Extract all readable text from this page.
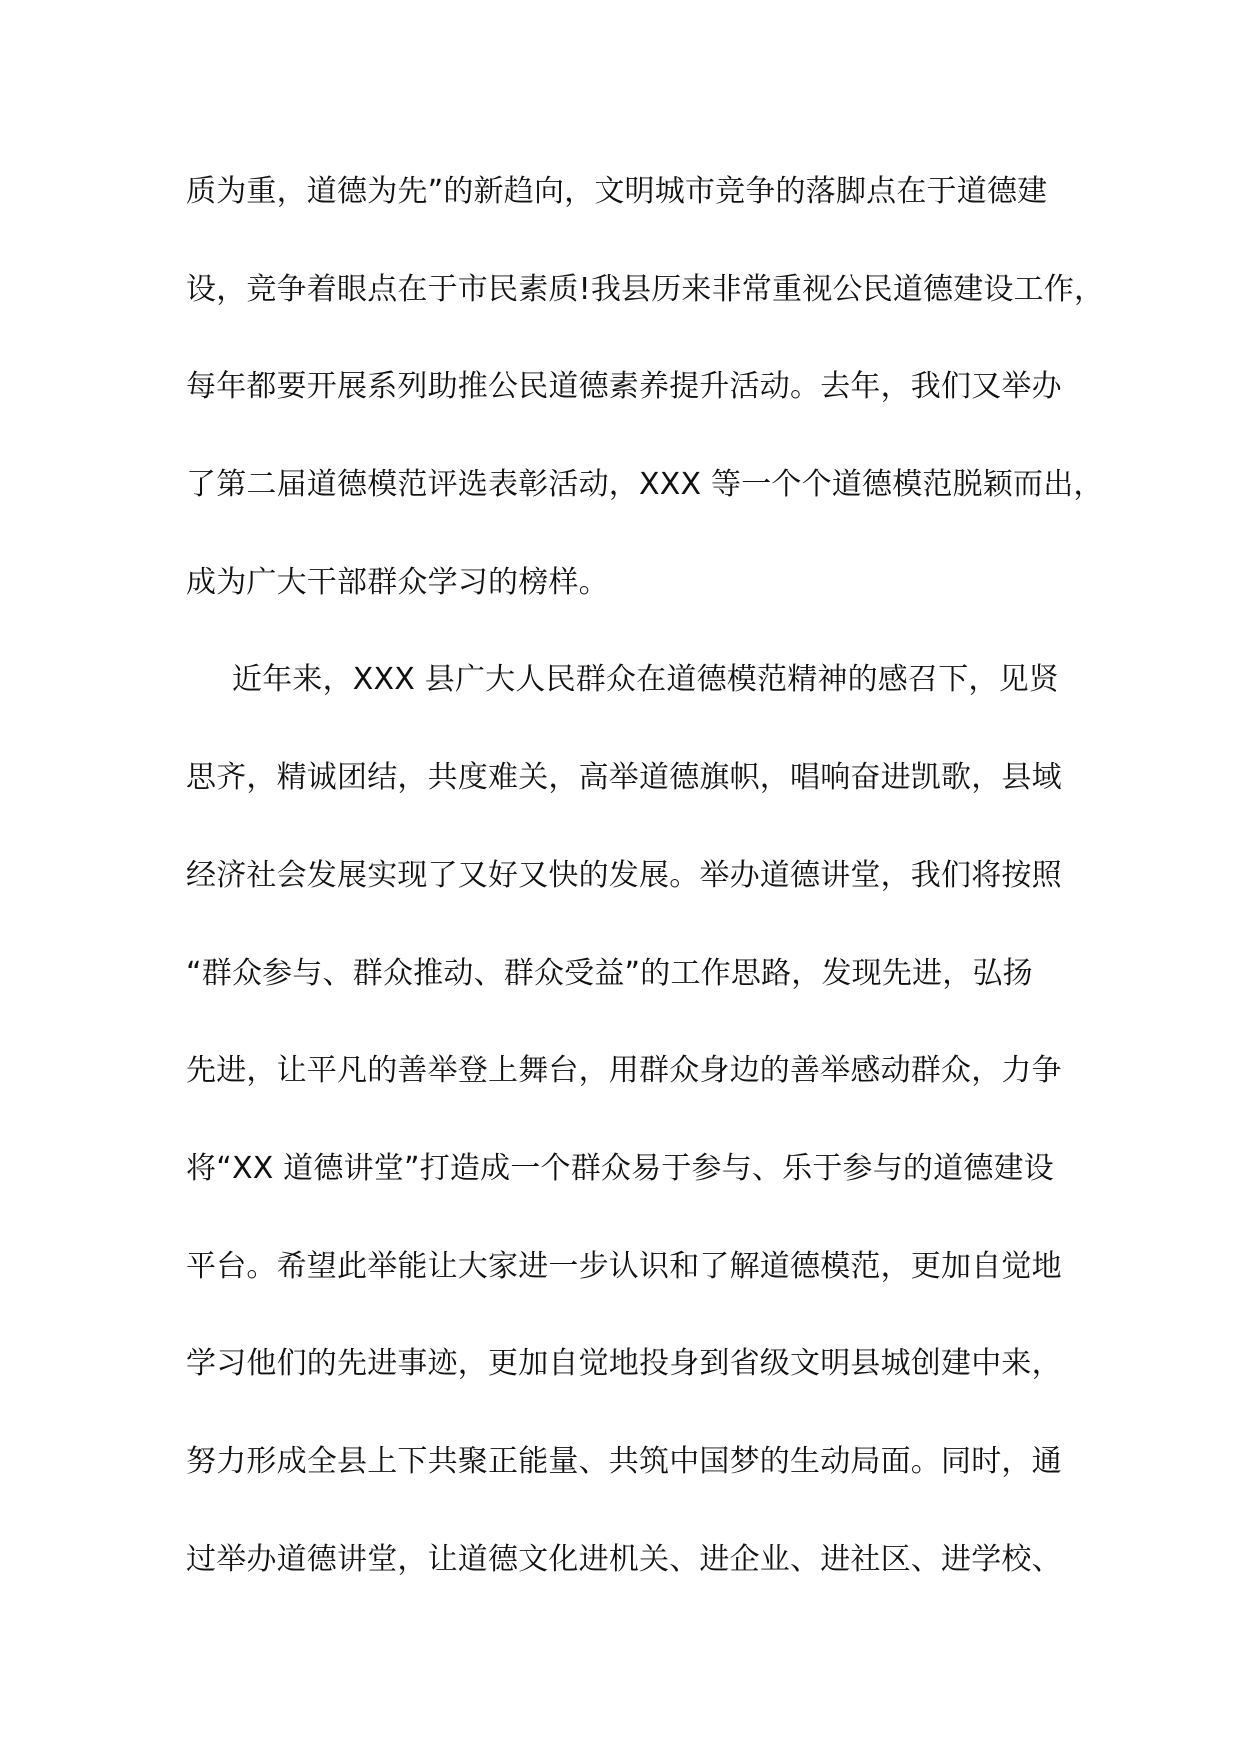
质为重，道德为先”的新趋向，文明城市竞争的落脚点在于道德建
设，竞争着眼点在于市民素质!我县历来非常重视公民道德建设工作，
每年都要开展系列助推公民道德素养提升活动。去年，我们又举办
了第二届道德模范评选表彰活动，XXX 等一个个道德模范脱颖而出，
成为广大干部群众学习的榜样。
近年来，XXX 县广大人民群众在道德模范精神的感召下，见贤
思齐，精诚团结，共度难关，高举道德旗帜，唱响奋进凯歌，县域
经济社会发展实现了又好又快的发展。举办道德讲堂，我们将按照
“群众参与、群众推动、群众受益”的工作思路，发现先进，弘扬
先进，让平凡的善举登上舞台，用群众身边的善举感动群众，力争
将“XX 道德讲堂”打造成一个群众易于参与、乐于参与的道德建设
平台。希望此举能让大家进一步认识和了解道德模范，更加自觉地
学习他们的先进事迹，更加自觉地投身到省级文明县城创建中来，
努力形成全县上下共聚正能量、共筑中国梦的生动局面。同时，通
过举办道德讲堂，让道德文化进机关、进企业、进社区、进学校、
